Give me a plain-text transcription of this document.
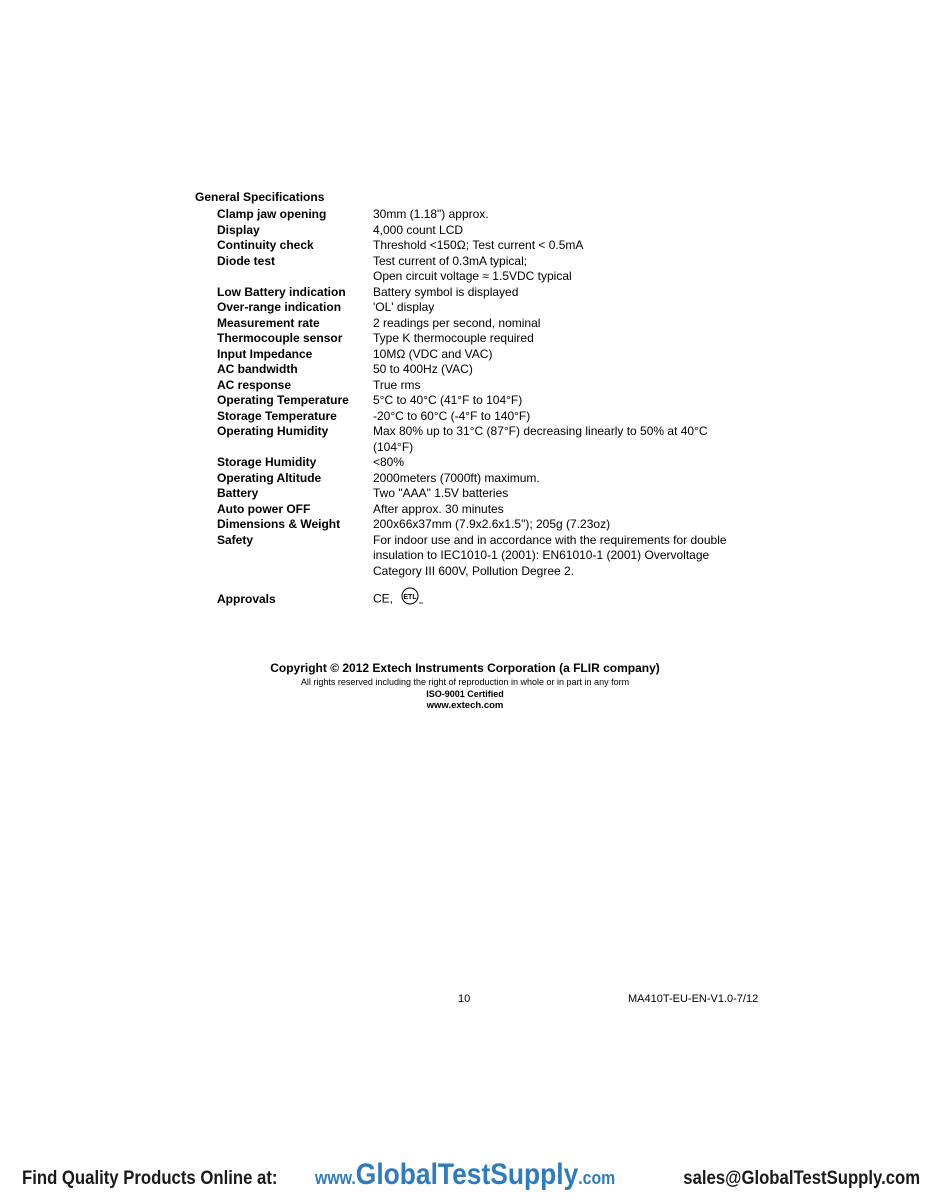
General Specifications
Clamp jaw opening	30mm (1.18") approx.
Display	4,000 count LCD
Continuity check	Threshold <150Ω; Test current < 0.5mA
Diode test	Test current of 0.3mA typical;
Open circuit voltage ≈ 1.5VDC typical
Low Battery indication	Battery symbol is displayed
Over-range indication	'OL' display
Measurement rate	2 readings per second, nominal
Thermocouple sensor	Type K thermocouple required
Input Impedance	10MΩ (VDC and VAC)
AC bandwidth	50 to 400Hz (VAC)
AC response	True rms
Operating Temperature	5°C to 40°C (41°F to 104°F)
Storage Temperature	-20°C to 60°C (-4°F to 140°F)
Operating Humidity	Max 80% up to 31°C (87°F) decreasing linearly to 50% at 40°C (104°F)
Storage Humidity	<80%
Operating Altitude	2000meters (7000ft) maximum.
Battery	Two "AAA" 1.5V batteries
Auto power OFF	After approx. 30 minutes
Dimensions & Weight	200x66x37mm (7.9x2.6x1.5"); 205g (7.23oz)
Safety	For indoor use and in accordance with the requirements for double insulation to IEC1010-1 (2001): EN61010-1 (2001) Overvoltage Category III 600V, Pollution Degree 2.
Approvals	CE, ETL
us
Copyright © 2012 Extech Instruments Corporation (a FLIR company)
All rights reserved including the right of reproduction in whole or in part in any form
ISO-9001 Certified
www.extech.com
10	MA410T-EU-EN-V1.0-7/12
Find Quality Products Online at: www.GlobalTestSupply.com	sales@GlobalTestSupply.com
